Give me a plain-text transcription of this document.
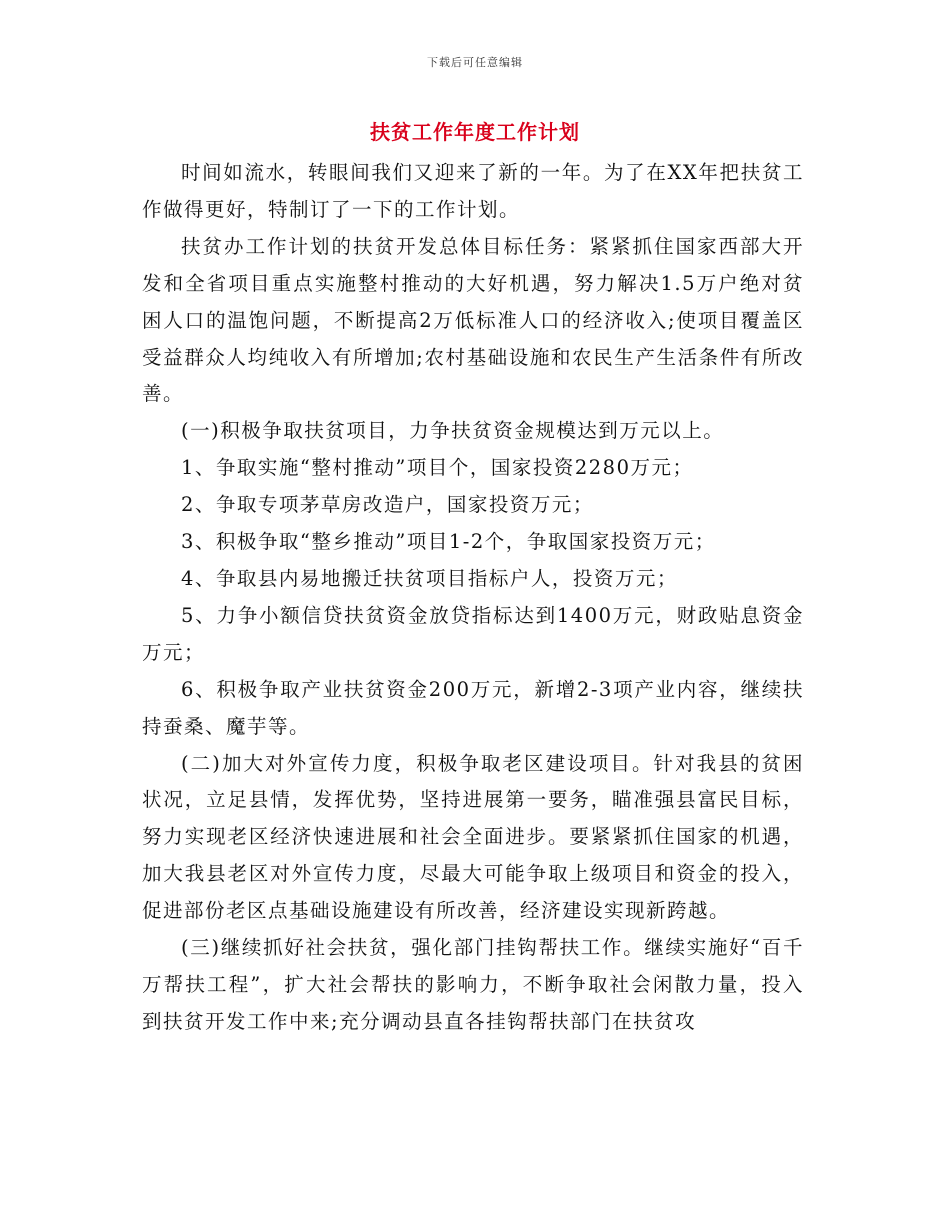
下载后可任意编辑
扶贫工作年度工作计划

时间如流水，转眼间我们又迎来了新的一年。为了在XX年把扶贫工作做得更好，特制订了一下的工作计划。

扶贫办工作计划的扶贫开发总体目标任务：紧紧抓住国家西部大开发和全省项目重点实施整村推动的大好机遇，努力解决1.5万户绝对贫困人口的温饱问题，不断提高2万低标准人口的经济收入;使项目覆盖区受益群众人均纯收入有所增加;农村基础设施和农民生产生活条件有所改善。

(一)积极争取扶贫项目，力争扶贫资金规模达到万元以上。

1、争取实施“整村推动”项目个，国家投资2280万元；

2、争取专项茅草房改造户，国家投资万元；

3、积极争取“整乡推动”项目1-2个，争取国家投资万元；

4、争取县内易地搬迁扶贫项目指标户人，投资万元；

5、力争小额信贷扶贫资金放贷指标达到1400万元，财政贴息资金万元；

6、积极争取产业扶贫资金200万元，新增2-3项产业内容，继续扶持蚕桑、魔芋等。

(二)加大对外宣传力度，积极争取老区建设项目。针对我县的贫困状况，立足县情，发挥优势，坚持进展第一要务，瞄准强县富民目标，努力实现老区经济快速进展和社会全面进步。要紧紧抓住国家的机遇，加大我县老区对外宣传力度，尽最大可能争取上级项目和资金的投入，促进部份老区点基础设施建设有所改善，经济建设实现新跨越。

(三)继续抓好社会扶贫，强化部门挂钩帮扶工作。继续实施好“百千万帮扶工程”，扩大社会帮扶的影响力，不断争取社会闲散力量，投入到扶贫开发工作中来;充分调动县直各挂钩帮扶部门在扶贫攻
